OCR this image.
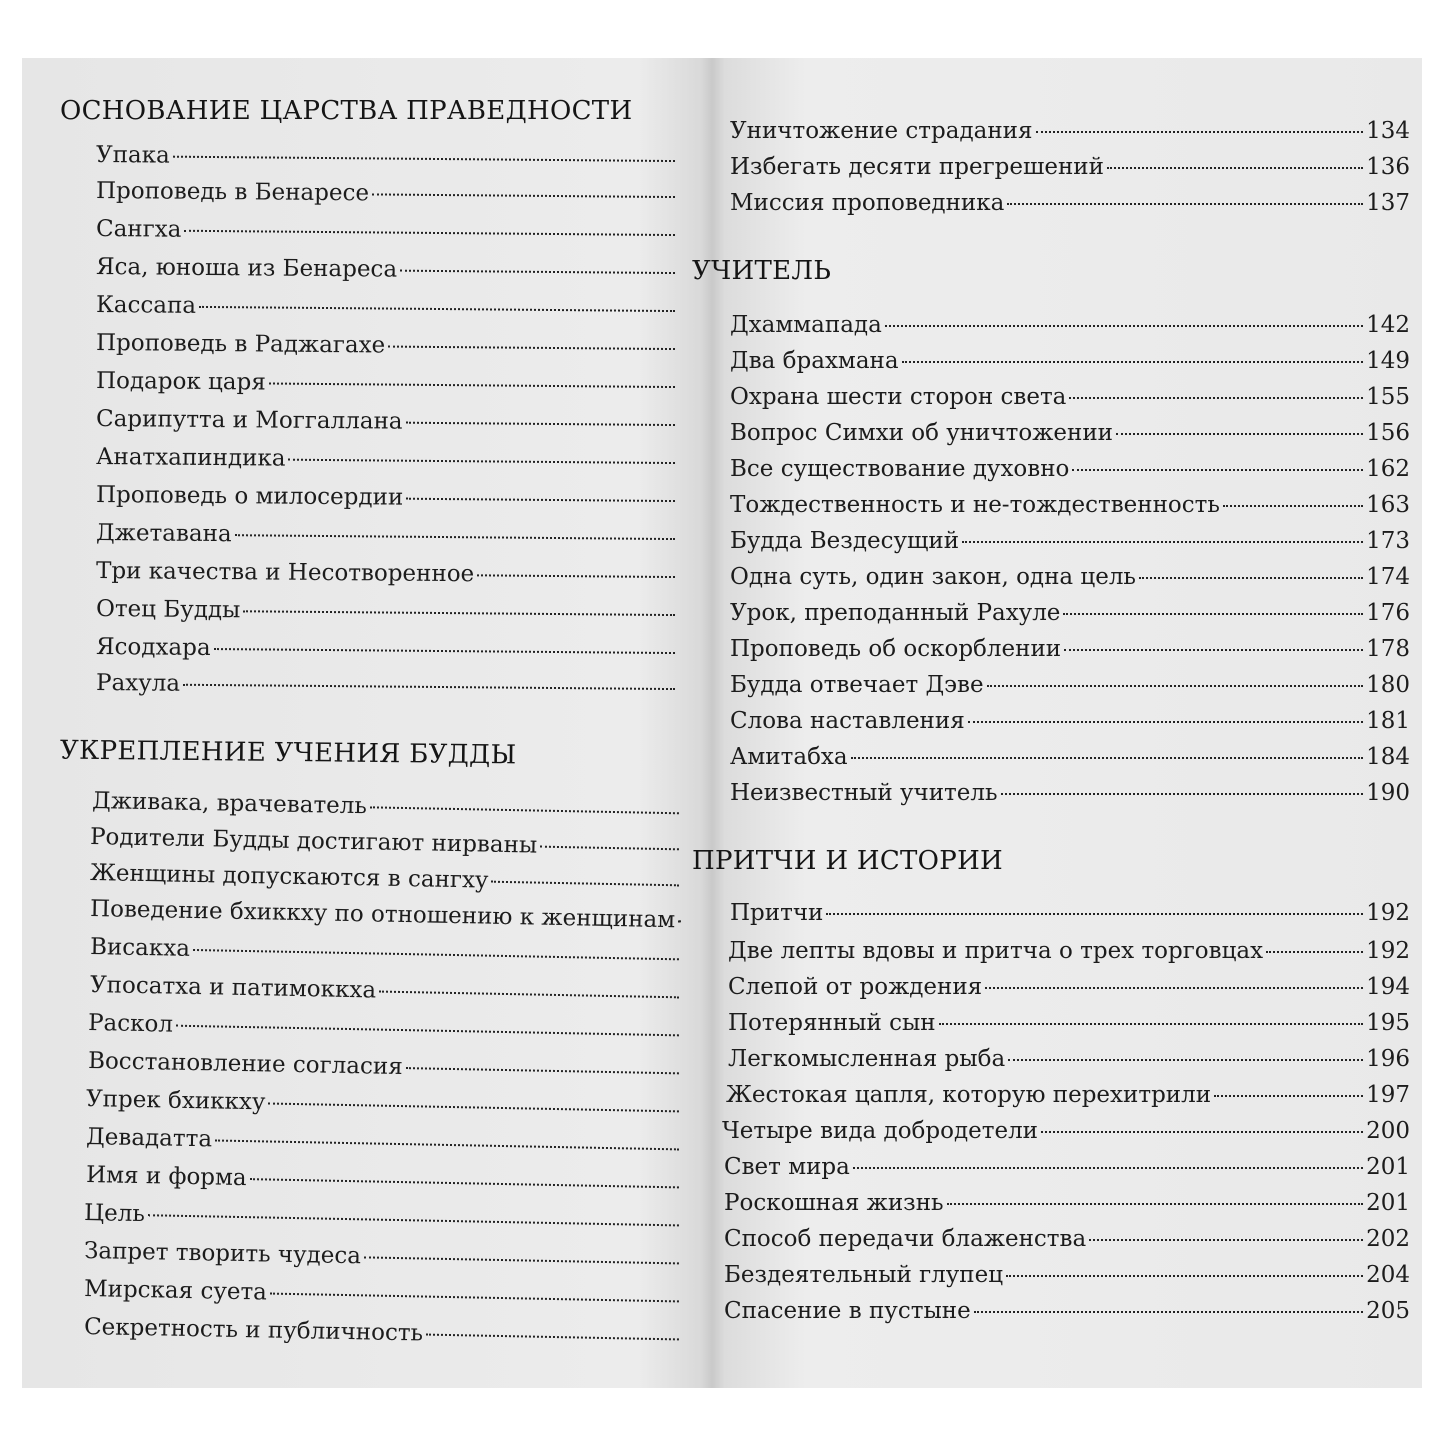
ОСНОВАНИЕ ЦАРСТВА ПРАВЕДНОСТИ
Упака
Проповедь в Бенаресе
Сангха
Яса, юноша из Бенареса
Кассапа
Проповедь в Раджагахе
Подарок царя
Сарипутта и Моггаллана
Анатхапиндика
Проповедь о милосердии
Джетавана
Три качества и Несотворенное
Отец Будды
Ясодхара
Рахула
УКРЕПЛЕНИЕ УЧЕНИЯ БУДДЫ
Дживака, врачеватель
Родители Будды достигают нирваны
Женщины допускаются в сангху
Поведение бхиккху по отношению к женщинам
Висакха
Упосатха и патимоккха
Раскол
Восстановление согласия
Упрек бхиккху
Девадатта
Имя и форма
Цель
Запрет творить чудеса
Мирская суета
Секретность и публичность
Уничтожение страдания	134
Избегать десяти прегрешений	136
Миссия проповедника	137
УЧИТЕЛЬ
Дхаммапада	142
Два брахмана	149
Охрана шести сторон света	155
Вопрос Симхи об уничтожении	156
Все существование духовно	162
Тождественность и не-тождественность	163
Будда Вездесущий	173
Одна суть, один закон, одна цель	174
Урок, преподанный Рахуле	176
Проповедь об оскорблении	178
Будда отвечает Дэве	180
Слова наставления	181
Амитабха	184
Неизвестный учитель	190
ПРИТЧИ И ИСТОРИИ
Притчи	192
Две лепты вдовы и притча о трех торговцах	192
Слепой от рождения	194
Потерянный сын	195
Легкомысленная рыба	196
Жестокая цапля, которую перехитрили	197
Четыре вида добродетели	200
Свет мира	201
Роскошная жизнь	201
Способ передачи блаженства	202
Бездеятельный глупец	204
Спасение в пустыне	205
